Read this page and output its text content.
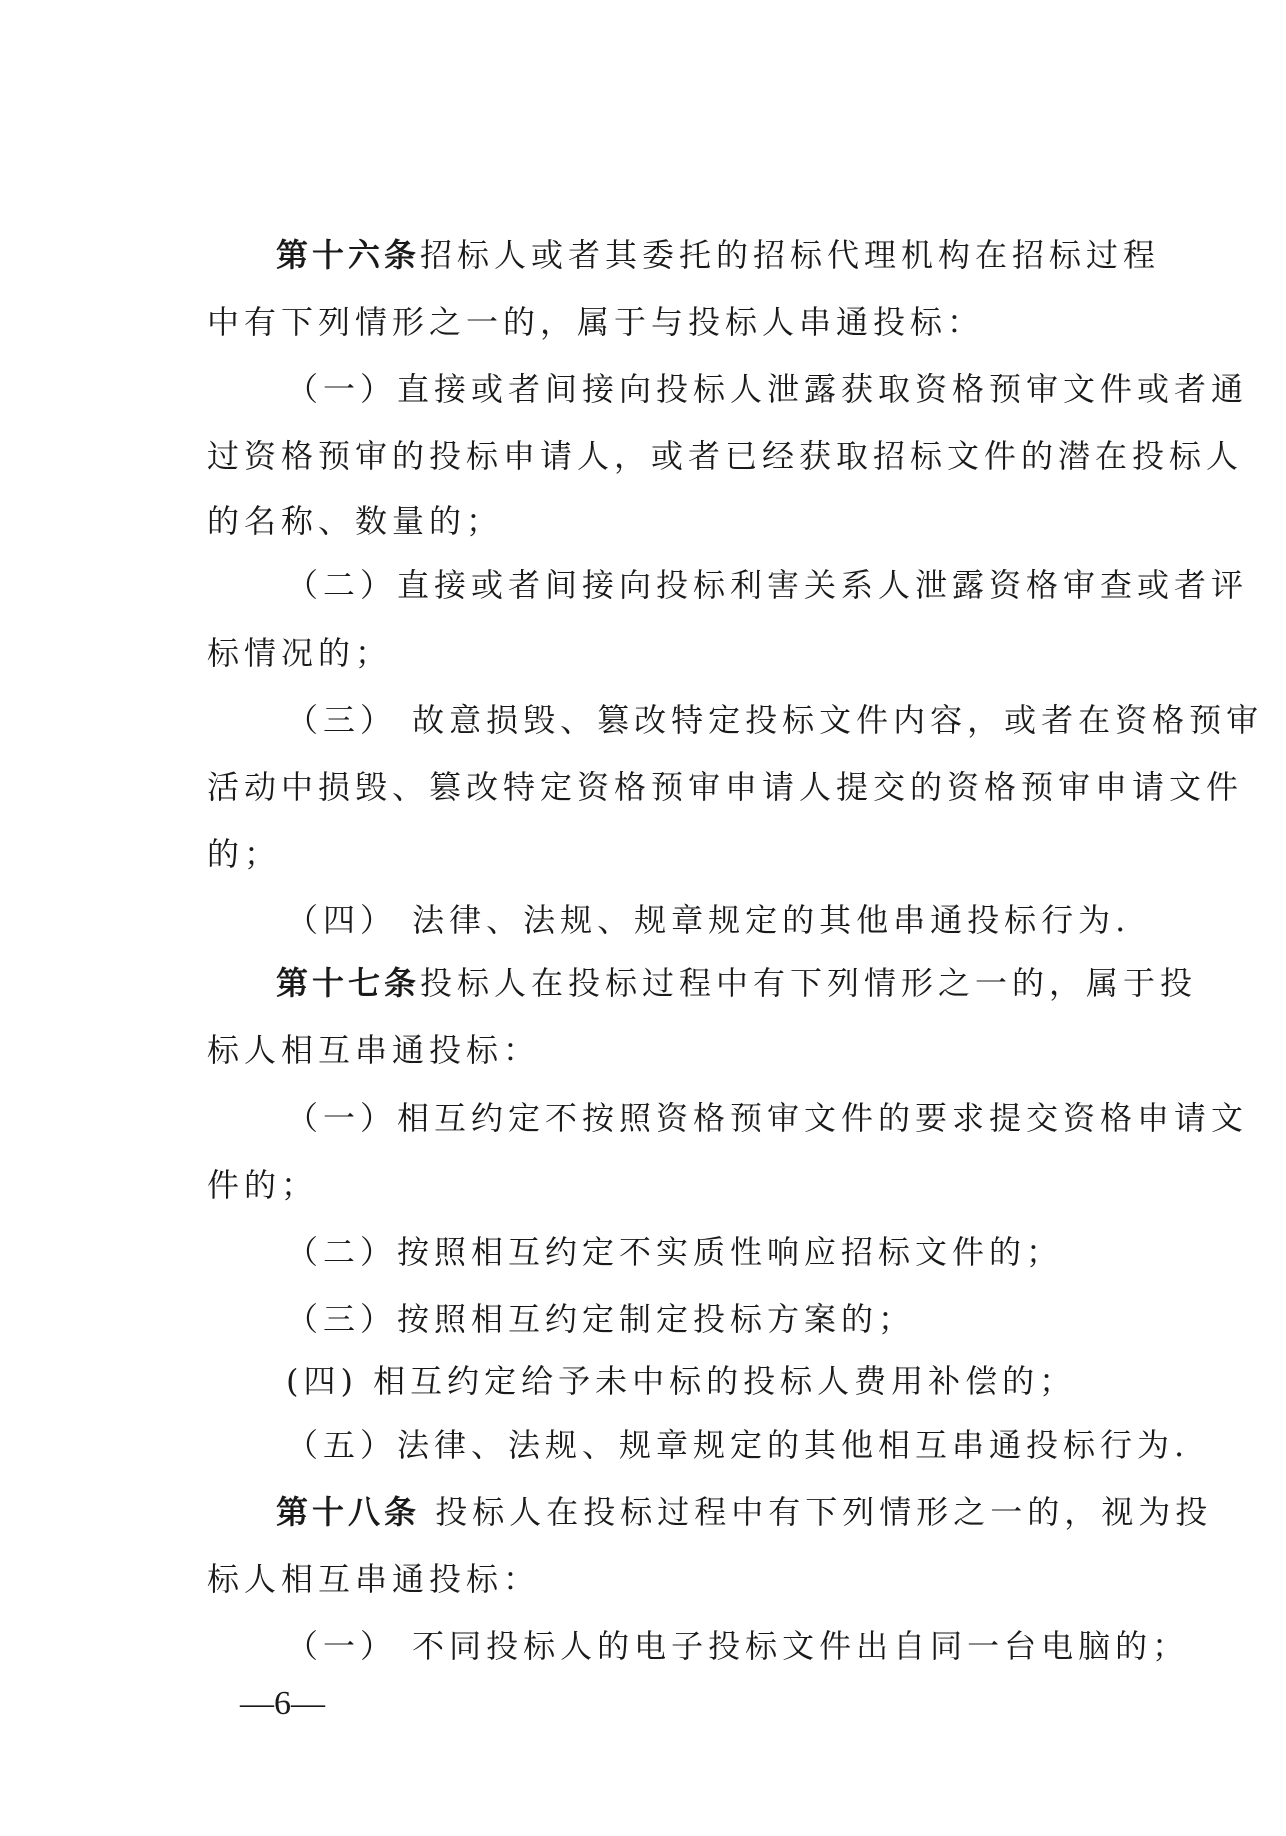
第十六条招标人或者其委托的招标代理机构在招标过程
中有下列情形之一的，属于与投标人串通投标：
（一）直接或者间接向投标人泄露获取资格预审文件或者通
过资格预审的投标申请人，或者已经获取招标文件的潜在投标人
的名称、数量的；
（二）直接或者间接向投标利害关系人泄露资格审查或者评
标情况的；
（三） 故意损毁、篡改特定投标文件内容，或者在资格预审
活动中损毁、篡改特定资格预审申请人提交的资格预审申请文件
的；
（四） 法律、法规、规章规定的其他串通投标行为.
第十七条投标人在投标过程中有下列情形之一的，属于投
标人相互串通投标：
（一）相互约定不按照资格预审文件的要求提交资格申请文
件的；
（二）按照相互约定不实质性响应招标文件的；
（三）按照相互约定制定投标方案的；
(四) 相互约定给予未中标的投标人费用补偿的；
（五）法律、法规、规章规定的其他相互串通投标行为.
第十八条 投标人在投标过程中有下列情形之一的，视为投
标人相互串通投标：
（一） 不同投标人的电子投标文件出自同一台电脑的；
—6—
